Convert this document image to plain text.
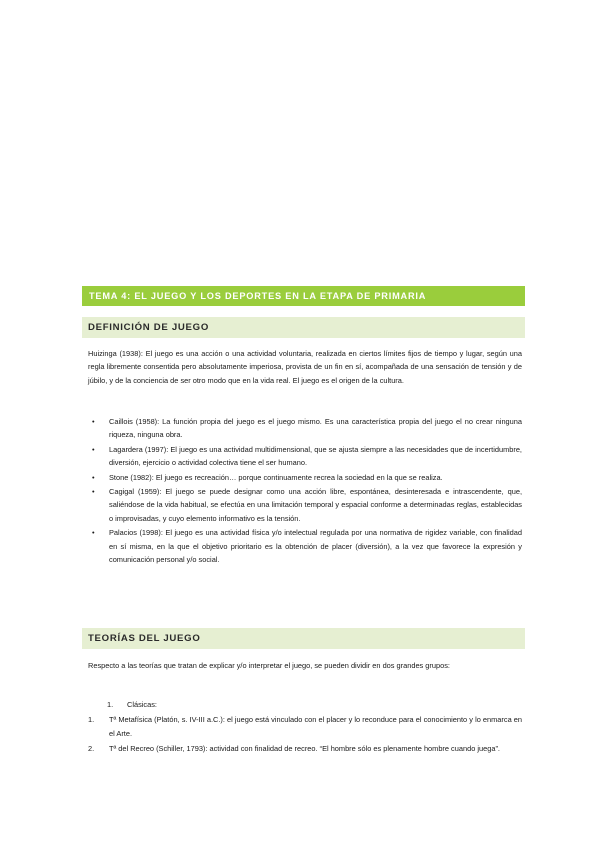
TEMA 4: EL JUEGO Y LOS DEPORTES EN LA ETAPA DE PRIMARIA
DEFINICIÓN DE JUEGO

Huizinga (1938): El juego es una acción o una actividad voluntaria, realizada en ciertos límites fijos de tiempo y lugar, según una regla libremente consentida pero absolutamente imperiosa, provista de un fin en sí, acompañada de una sensación de tensión y de júbilo, y de la conciencia de ser otro modo que en la vida real. El juego es el origen de la cultura.

• Caillois (1958): La función propia del juego es el juego mismo. Es una característica propia del juego el no crear ninguna riqueza, ninguna obra.
• Lagardera (1997): El juego es una actividad multidimensional, que se ajusta siempre a las necesidades que de incertidumbre, diversión, ejercicio o actividad colectiva tiene el ser humano.
• Stone (1982): El juego es recreación… porque continuamente recrea la sociedad en la que se realiza.
• Cagigal (1959): El juego se puede designar como una acción libre, espontánea, desinteresada e intrascendente, que, saliéndose de la vida habitual, se efectúa en una limitación temporal y espacial conforme a determinadas reglas, establecidas o improvisadas, y cuyo elemento informativo es la tensión.
• Palacios (1998): El juego es una actividad física y/o intelectual regulada por una normativa de rigidez variable, con finalidad en sí misma, en la que el objetivo prioritario es la obtención de placer (diversión), a la vez que favorece la expresión y comunicación personal y/o social.
TEORÍAS DEL JUEGO

Respecto a las teorías que tratan de explicar y/o interpretar el juego, se pueden dividir en dos grandes grupos:

1. Clásicas:
1. Tª Metafísica (Platón, s. IV-III a.C.): el juego está vinculado con el placer y lo reconduce para el conocimiento y lo enmarca en el Arte.
2. Tª del Recreo (Schiller, 1793): actividad con finalidad de recreo. “El hombre sólo es plenamente hombre cuando juega”.
